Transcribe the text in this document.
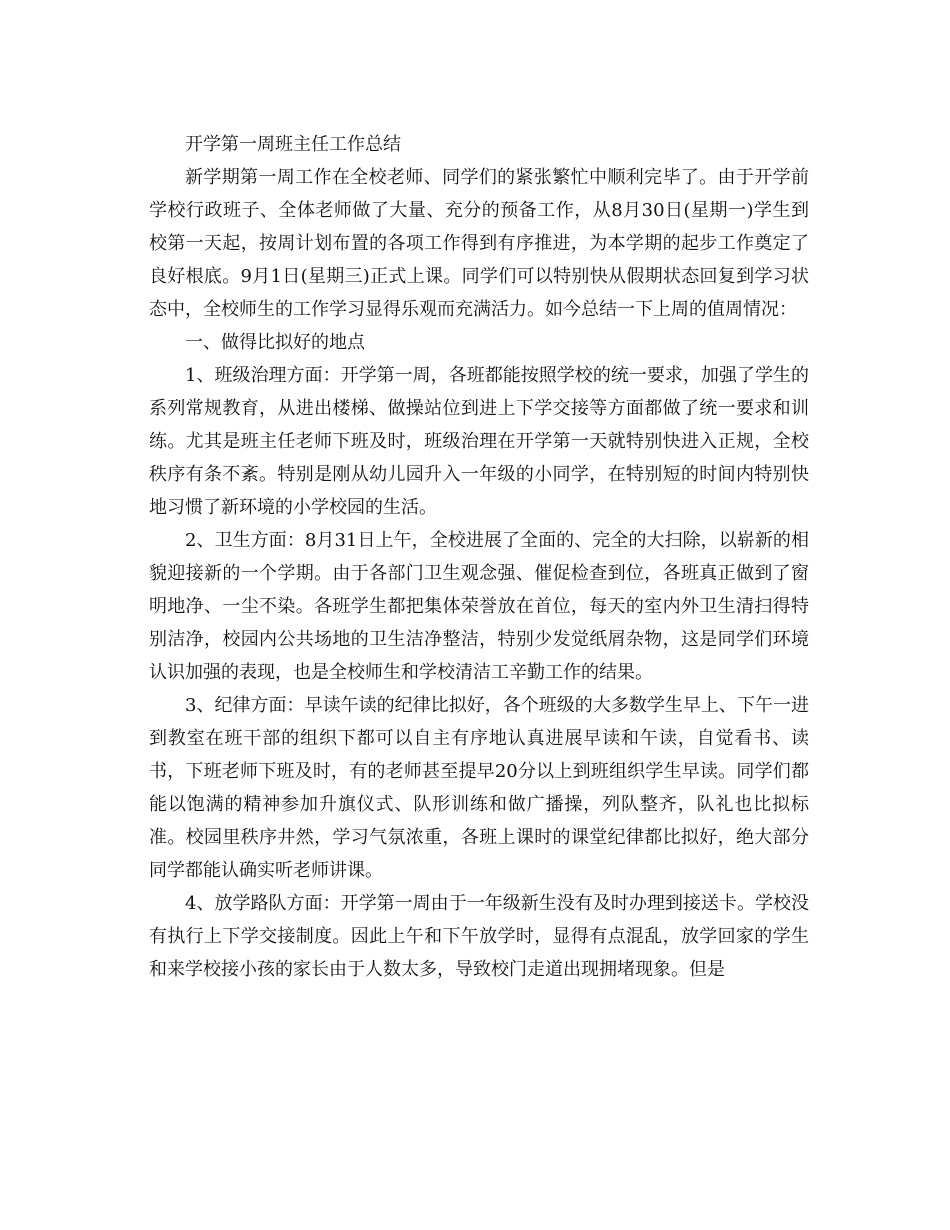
开学第一周班主任工作总结

新学期第一周工作在全校老师、同学们的紧张繁忙中顺利完毕了。由于开学前学校行政班子、全体老师做了大量、充分的预备工作，从8月30日(星期一)学生到校第一天起，按周计划布置的各项工作得到有序推进，为本学期的起步工作奠定了良好根底。9月1日(星期三)正式上课。同学们可以特别快从假期状态回复到学习状态中，全校师生的工作学习显得乐观而充满活力。如今总结一下上周的值周情况：

一、做得比拟好的地点

1、班级治理方面：开学第一周，各班都能按照学校的统一要求，加强了学生的系列常规教育，从进出楼梯、做操站位到进上下学交接等方面都做了统一要求和训练。尤其是班主任老师下班及时，班级治理在开学第一天就特别快进入正规，全校秩序有条不紊。特别是刚从幼儿园升入一年级的小同学，在特别短的时间内特别快地习惯了新环境的小学校园的生活。

2、卫生方面：8月31日上午，全校进展了全面的、完全的大扫除，以崭新的相貌迎接新的一个学期。由于各部门卫生观念强、催促检查到位，各班真正做到了窗明地净、一尘不染。各班学生都把集体荣誉放在首位，每天的室内外卫生清扫得特别洁净，校园内公共场地的卫生洁净整洁，特别少发觉纸屑杂物，这是同学们环境认识加强的表现，也是全校师生和学校清洁工辛勤工作的结果。

3、纪律方面：早读午读的纪律比拟好，各个班级的大多数学生早上、下午一进到教室在班干部的组织下都可以自主有序地认真进展早读和午读，自觉看书、读书，下班老师下班及时，有的老师甚至提早20分以上到班组织学生早读。同学们都能以饱满的精神参加升旗仪式、队形训练和做广播操，列队整齐，队礼也比拟标准。校园里秩序井然，学习气氛浓重，各班上课时的课堂纪律都比拟好，绝大部分同学都能认确实听老师讲课。

4、放学路队方面：开学第一周由于一年级新生没有及时办理到接送卡。学校没有执行上下学交接制度。因此上午和下午放学时，显得有点混乱，放学回家的学生和来学校接小孩的家长由于人数太多，导致校门走道出现拥堵现象。但是
